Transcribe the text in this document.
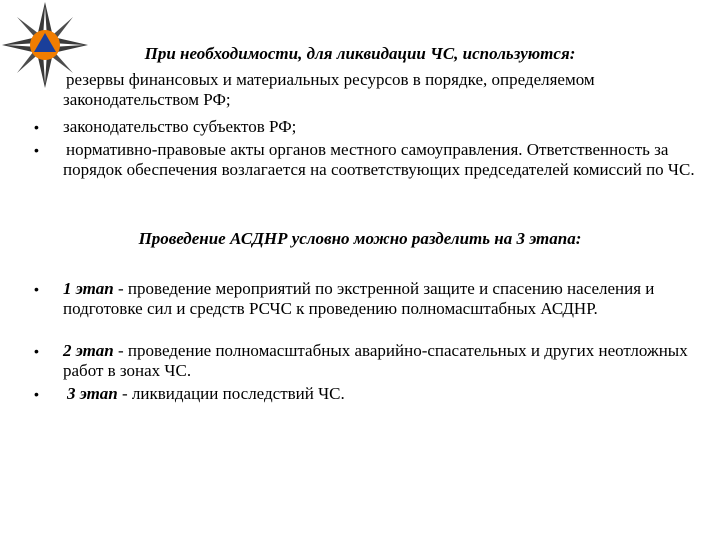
При необходимости, для ликвидации ЧС, используются:
резервы финансовых и материальных ресурсов в порядке, определяемом законодательством РФ;
• законодательство субъектов РФ;
• нормативно-правовые акты органов местного самоуправления. Ответственность за порядок обеспечения возлагается на соответствующих председателей комиссий по ЧС.
Проведение АСДНР условно можно разделить на 3 этапа:
• 1 этап - проведение мероприятий по экстренной защите и спасению населения и подготовке сил и средств РСЧС к проведению полномасштабных АСДНР.
• 2 этап - проведение полномасштабных аварийно-спасательных и других неотложных работ в зонах ЧС.
• 3 этап - ликвидации последствий ЧС.
